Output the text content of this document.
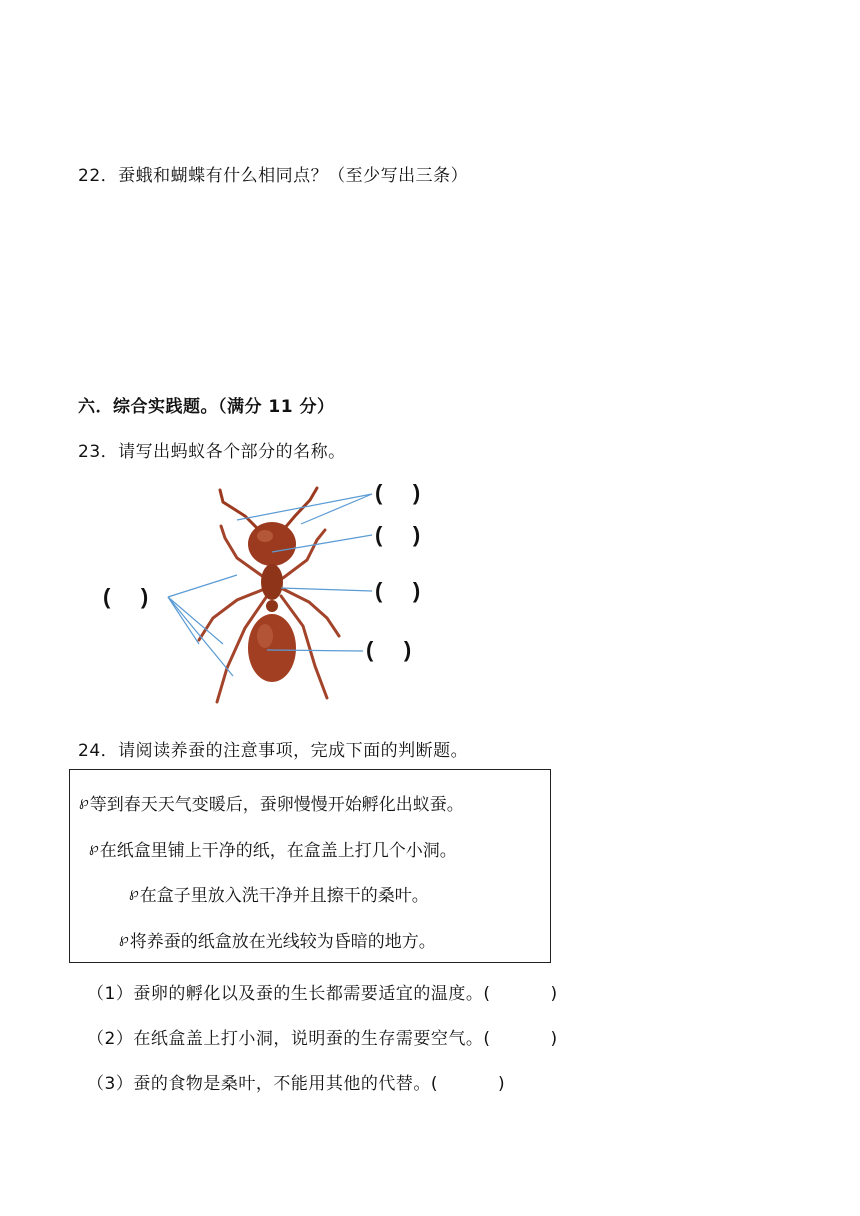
22．蚕蛾和蝴蝶有什么相同点？（至少写出三条）
六．综合实践题。（满分 11 分）
23．请写出蚂蚁各个部分的名称。
(     )
(     )
(     )
(     )
(     )
24．请阅读养蚕的注意事项，完成下面的判断题。
℘等到春天天气变暖后，蚕卵慢慢开始孵化出蚁蚕。
℘在纸盒里铺上干净的纸，在盒盖上打几个小洞。
℘在盒子里放入洗干净并且擦干的桑叶。
℘将养蚕的纸盒放在光线较为昏暗的地方。
（1）蚕卵的孵化以及蚕的生长都需要适宜的温度。(	)
（2）在纸盒盖上打小洞，说明蚕的生存需要空气。(	)
（3）蚕的食物是桑叶，不能用其他的代替。(	)
